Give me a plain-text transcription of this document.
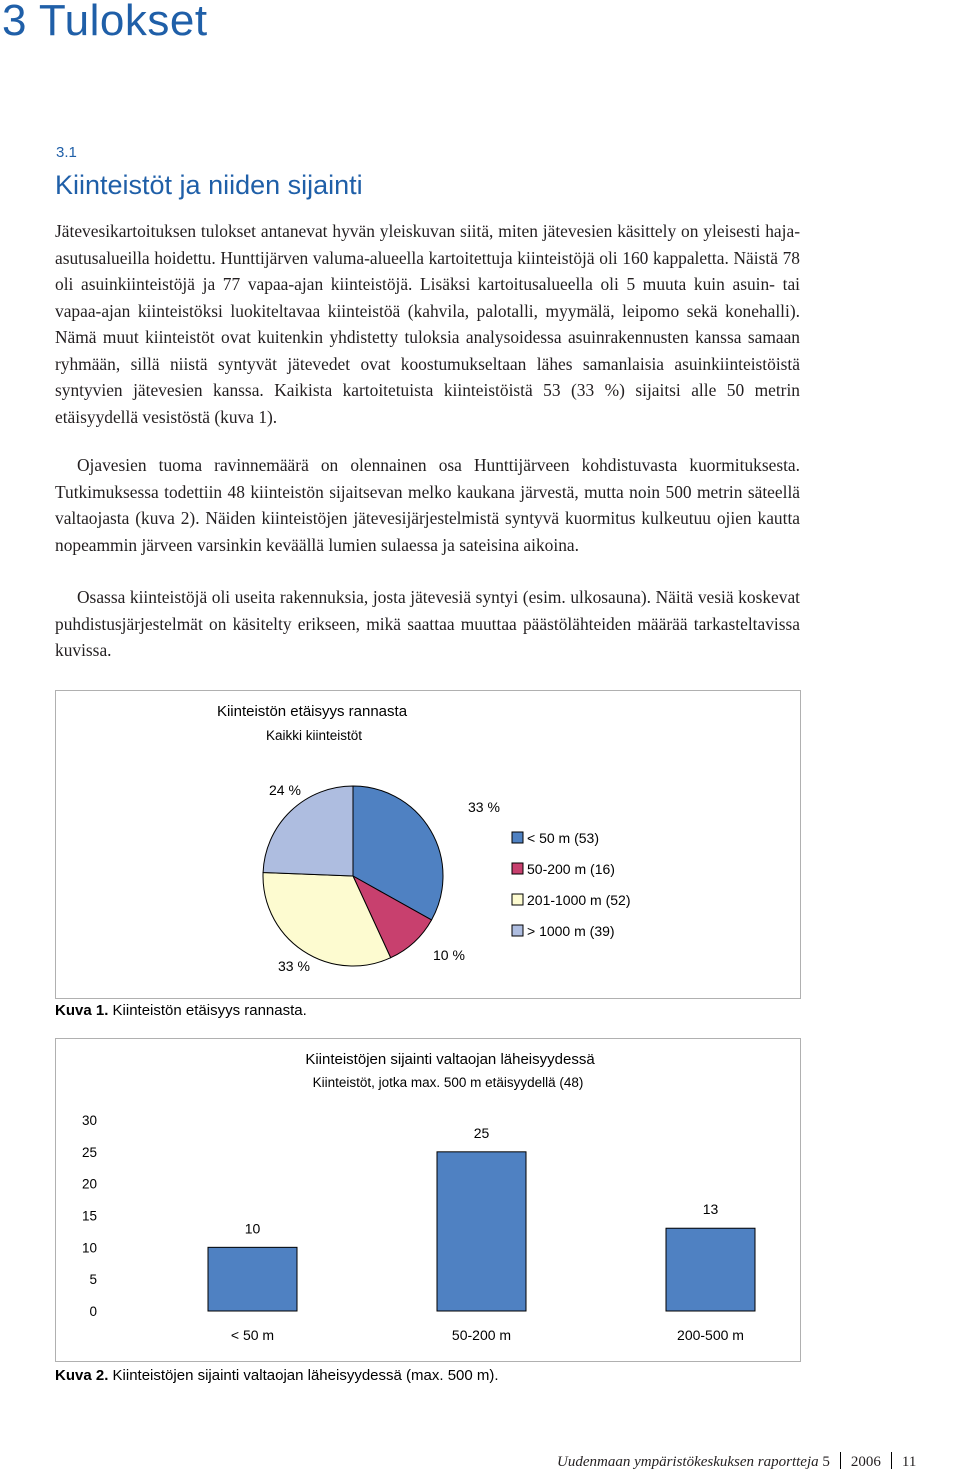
3 Tulokset
3.1
Kiinteistöt ja niiden sijainti

Jätevesikartoituksen tulokset antanevat hyvän yleiskuvan siitä, miten jätevesien käsittely on yleisesti haja-asutusalueilla hoidettu. Hunttijärven valuma-alueella kartoitettuja kiinteistöjä oli 160 kappaletta. Näistä 78 oli asuinkiinteistöjä ja 77 vapaa-ajan kiinteistöjä. Lisäksi kartoitusalueella oli 5 muuta kuin asuin- tai vapaa-ajan kiinteistöksi luokiteltavaa kiinteistöä (kahvila, palotalli, myymälä, leipomo sekä konehalli). Nämä muut kiinteistöt ovat kuitenkin yhdistetty tuloksia analysoidessa asuinrakennusten kanssa samaan ryhmään, sillä niistä syntyvät jätevedet ovat koostumukseltaan lähes samanlaisia asuinkiinteistöistä syntyvien jätevesien kanssa. Kaikista kartoitetuista kiinteistöistä 53 (33 %) sijaitsi alle 50 metrin etäisyydellä vesistöstä (kuva 1).

Ojavesien tuoma ravinnemäärä on olennainen osa Hunttijärveen kohdistuvasta kuormituksesta. Tutkimuksessa todettiin 48 kiinteistön sijaitsevan melko kaukana järvestä, mutta noin 500 metrin säteellä valtaojasta (kuva 2). Näiden kiinteistöjen jätevesijärjestelmistä syntyvä kuormitus kulkeutuu ojien kautta nopeammin järveen varsinkin keväällä lumien sulaessa ja sateisina aikoina.

Osassa kiinteistöjä oli useita rakennuksia, josta jätevesiä syntyi (esim. ulkosauna). Näitä vesiä koskevat puhdistusjärjestelmät on käsitelty erikseen, mikä saattaa muuttaa päästölähteiden määrää tarkasteltavissa kuvissa.

Kiinteistön etäisyys rannasta
Kaikki kiinteistöt
33 %
10 %
33 %
24 %
< 50 m (53)
50-200 m (16)
201-1000 m (52)
> 1000 m (39)
Kuva 1. Kiinteistön etäisyys rannasta.
Kiinteistöjen sijainti valtaojan läheisyydessä
Kiinteistöt, jotka max. 500 m etäisyydellä (48)
0
5
10
15
20
25
30
10
< 50 m
25
50-200 m
13
200-500 m
Kuva 2. Kiinteistöjen sijainti valtaojan läheisyydessä (max. 500 m).
Uudenmaan ympäristökeskuksen raportteja 5 2006 11
